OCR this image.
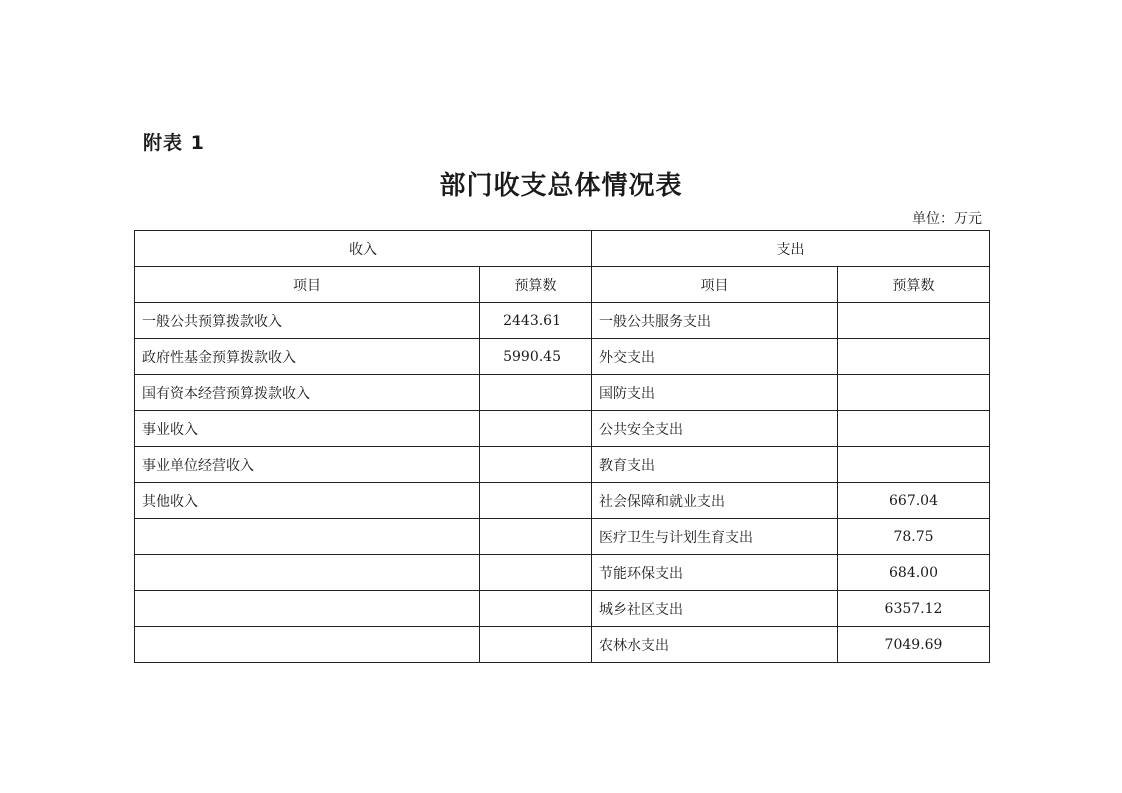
附表 1
部门收支总体情况表
单位：万元
收入		支出	
项目	预算数	项目	预算数
一般公共预算拨款收入	2443.61	一般公共服务支出	
政府性基金预算拨款收入	5990.45	外交支出	
国有资本经营预算拨款收入		国防支出	
事业收入		公共安全支出	
事业单位经营收入		教育支出	
其他收入		社会保障和就业支出	667.04
		医疗卫生与计划生育支出	78.75
		节能环保支出	684.00
		城乡社区支出	6357.12
		农林水支出	7049.69
